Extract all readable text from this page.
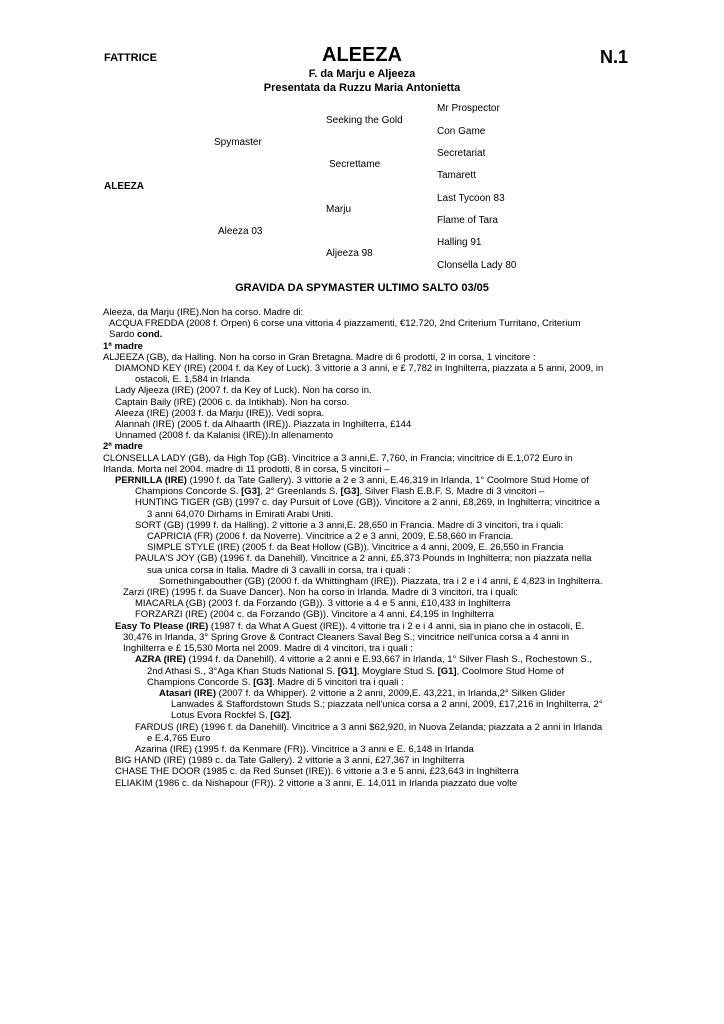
FATTRICE	ALEEZA	N.1
F. da Marju e Aljeeza
Presentata da Ruzzu Maria Antonietta
ALEEZA
Spymaster
Aleeza 03
Seeking the Gold
Secrettame
Marju
Aljeeza 98
Mr Prospector
Con Game
Secretariat
Tamarett
Last Tycoon 83
Flame of Tara
Halling 91
Clonsella Lady 80
GRAVIDA DA SPYMASTER ULTIMO SALTO 03/05
Aleeza, da Marju (IRE).Non ha corso. Madre di:
ACQUA FREDDA (2008 f. Orpen) 6 corse una vittoria 4 piazzamenti, €12.720, 2nd Criterium Turritano, Criterium
Sardo cond.
1ª madre
ALJEEZA (GB), da Halling. Non ha corso in Gran Bretagna. Madre di 6 prodotti, 2 in corsa, 1 vincitore :
DIAMOND KEY (IRE) (2004 f. da Key of Luck). 3 vittorie a 3 anni, e £ 7,782 in Inghilterra, piazzata a 5 anni, 2009, in
ostacoli, E. 1,584 in Irlanda
Lady Aljeeza (IRE) (2007 f. da Key of Luck). Non ha corso in.
Captain Baily (IRE) (2006 c. da Intikhab). Non ha corso.
Aleeza (IRE) (2003 f. da Marju (IRE)). Vedi sopra.
Alannah (IRE) (2005 f. da Alhaarth (IRE)). Piazzata in Inghilterra, £144
Unnamed (2008 f. da Kalanisi (IRE)).In allenamento
2ª madre
CLONSELLA LADY (GB), da High Top (GB). Vincitrice a 3 anni,E. 7,760, in Francia; vincitrice di E.1,072 Euro in
Irlanda. Morta nel 2004. madre di 11 prodotti, 8 in corsa, 5 vincitori –
PERNILLA (IRE) (1990 f. da Tate Gallery). 3 vittorie a 2 e 3 anni, E.46,319 in Irlanda, 1° Coolmore Stud Home of
Champions Concorde S. [G3], 2° Greenlands S. [G3], Silver Flash E.B.F. S. Madre di 3 vincitori –
HUNTING TIGER (GB) (1997 c. day Pursuit of Love (GB)). Vincitore a 2 anni, £8,269, in Inghilterra; vincitrice a
3 anni 64,070 Dirhams in Emirati Arabi Uniti.
SORT (GB) (1999 f. da Halling). 2 vittorie a 3 anni,E. 28,650 in Francia. Madre di 3 vincitori, tra i quali:
CAPRICIA (FR) (2006 f. da Noverre). Vincitrice a 2 e 3 anni, 2009, E.58,660 in Francia.
SIMPLE STYLE (IRE) (2005 f. da Beat Hollow (GB)). Vincitrice a 4 anni, 2009, E. 26,550 in Francia
PAULA'S JOY (GB) (1996 f. da Danehill). Vincitrice a 2 anni, £5,373 Pounds in Inghilterra; non piazzata nella
sua unica corsa in Italia. Madre di 3 cavalli in corsa, tra i quali :
Somethingabouther (GB) (2000 f. da Whittingham (IRE)). Piazzata, tra i 2 e i 4 anni, £ 4,823 in Inghilterra.
Zarzi (IRE) (1995 f. da Suave Dancer). Non ha corso in Irlanda. Madre di 3 vincitori, tra i quali:
MIACARLA (GB) (2003 f. da Forzando (GB)). 3 vittorie a 4 e 5 anni, £10,433 in Inghilterra
FORZARZI (IRE) (2004 c. da Forzando (GB)). Vincitore a 4 anni, £4,195 in Inghilterra
Easy To Please (IRE) (1987 f. da What A Guest (IRE)). 4 vittorie tra i 2 e i 4 anni, sia in piano che in ostacoli, E.
30,476 in Irlanda, 3° Spring Grove & Contract Cleaners Saval Beg S.; vincitrice nell'unica corsa a 4 anni in
Inghilterra e £ 15,530 Morta nel 2009. Madre di 4 vincitori, tra i quali :
AZRA (IRE) (1994 f. da Danehill). 4 vittorie a 2 anni e E.93,667 in Irlanda, 1° Silver Flash S., Rochestown S.,
2nd Athasi S., 3°Aga Khan Studs National S. [G1], Moyglare Stud S. [G1], Coolmore Stud Home of
Champions Concorde S. [G3]. Madre di 5 vincitori tra i quali :
Atasari (IRE) (2007 f. da Whipper). 2 vittorie a 2 anni, 2009,E. 43,221, in Irlanda,2° Silken Glider
Lanwades & Staffordstown Studs S.; piazzata nell'unica corsa a 2 anni, 2009, £17,216 in Inghilterra, 2°
Lotus Evora Rockfel S. [G2].
FARDUS (IRE) (1996 f. da Danehill). Vincitrice a 3 anni $62,920, in Nuova Zelanda; piazzata a 2 anni in Irlanda
e E.4,765 Euro
Azarina (IRE) (1995 f. da Kenmare (FR)). Vincitrice a 3 anni e E. 6,148 in Irlanda
BIG HAND (IRE) (1989 c. da Tate Gallery). 2 vittorie a 3 anni, £27,367 in Inghilterra
CHASE THE DOOR (1985 c. da Red Sunset (IRE)). 6 vittorie a 3 e 5 anni, £23,643 in Inghilterra
ELIAKIM (1986 c. da Nishapour (FR)). 2 vittorie a 3 anni, E. 14,011 in Irlanda piazzato due volte
